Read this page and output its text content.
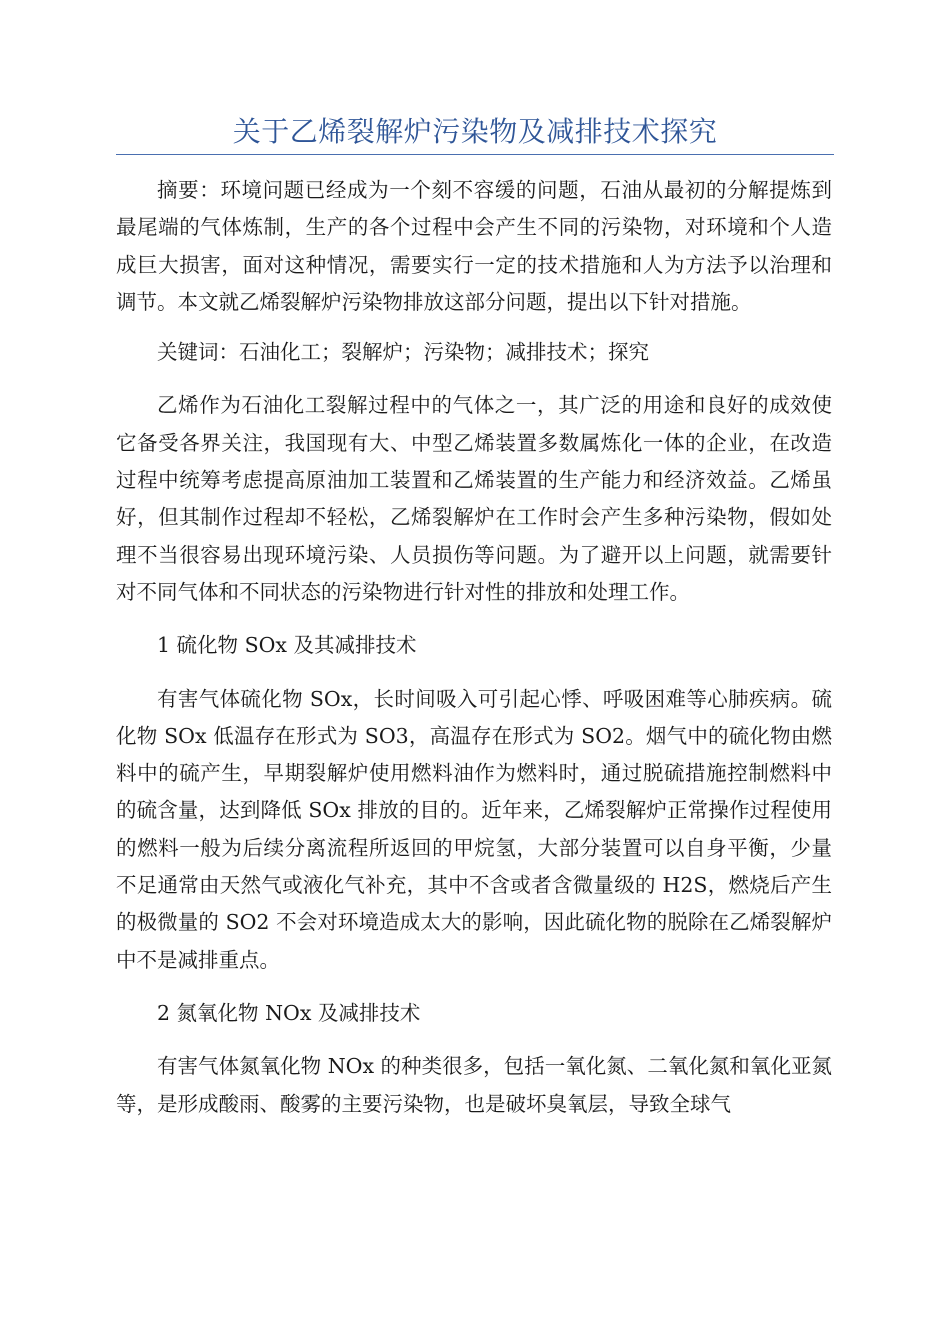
关于乙烯裂解炉污染物及减排技术探究

摘要：环境问题已经成为一个刻不容缓的问题，石油从最初的分解提炼到最尾端的气体炼制，生产的各个过程中会产生不同的污染物，对环境和个人造成巨大损害，面对这种情况，需要实行一定的技术措施和人为方法予以治理和调节。本文就乙烯裂解炉污染物排放这部分问题，提出以下针对措施。

关键词：石油化工；裂解炉；污染物；减排技术；探究

乙烯作为石油化工裂解过程中的气体之一，其广泛的用途和良好的成效使它备受各界关注，我国现有大、中型乙烯装置多数属炼化一体的企业，在改造过程中统筹考虑提高原油加工装置和乙烯装置的生产能力和经济效益。乙烯虽好，但其制作过程却不轻松，乙烯裂解炉在工作时会产生多种污染物，假如处理不当很容易出现环境污染、人员损伤等问题。为了避开以上问题，就需要针对不同气体和不同状态的污染物进行针对性的排放和处理工作。

1 硫化物 SOx 及其减排技术

有害气体硫化物 SOx，长时间吸入可引起心悸、呼吸困难等心肺疾病。硫化物 SOx 低温存在形式为 SO3，高温存在形式为 SO2。烟气中的硫化物由燃料中的硫产生，早期裂解炉使用燃料油作为燃料时，通过脱硫措施控制燃料中的硫含量，达到降低 SOx 排放的目的。近年来，乙烯裂解炉正常操作过程使用的燃料一般为后续分离流程所返回的甲烷氢，大部分装置可以自身平衡，少量不足通常由天然气或液化气补充，其中不含或者含微量级的 H2S，燃烧后产生的极微量的 SO2 不会对环境造成太大的影响，因此硫化物的脱除在乙烯裂解炉中不是减排重点。

2 氮氧化物 NOx 及减排技术

有害气体氮氧化物 NOx 的种类很多，包括一氧化氮、二氧化氮和氧化亚氮等，是形成酸雨、酸雾的主要污染物，也是破坏臭氧层，导致全球气
